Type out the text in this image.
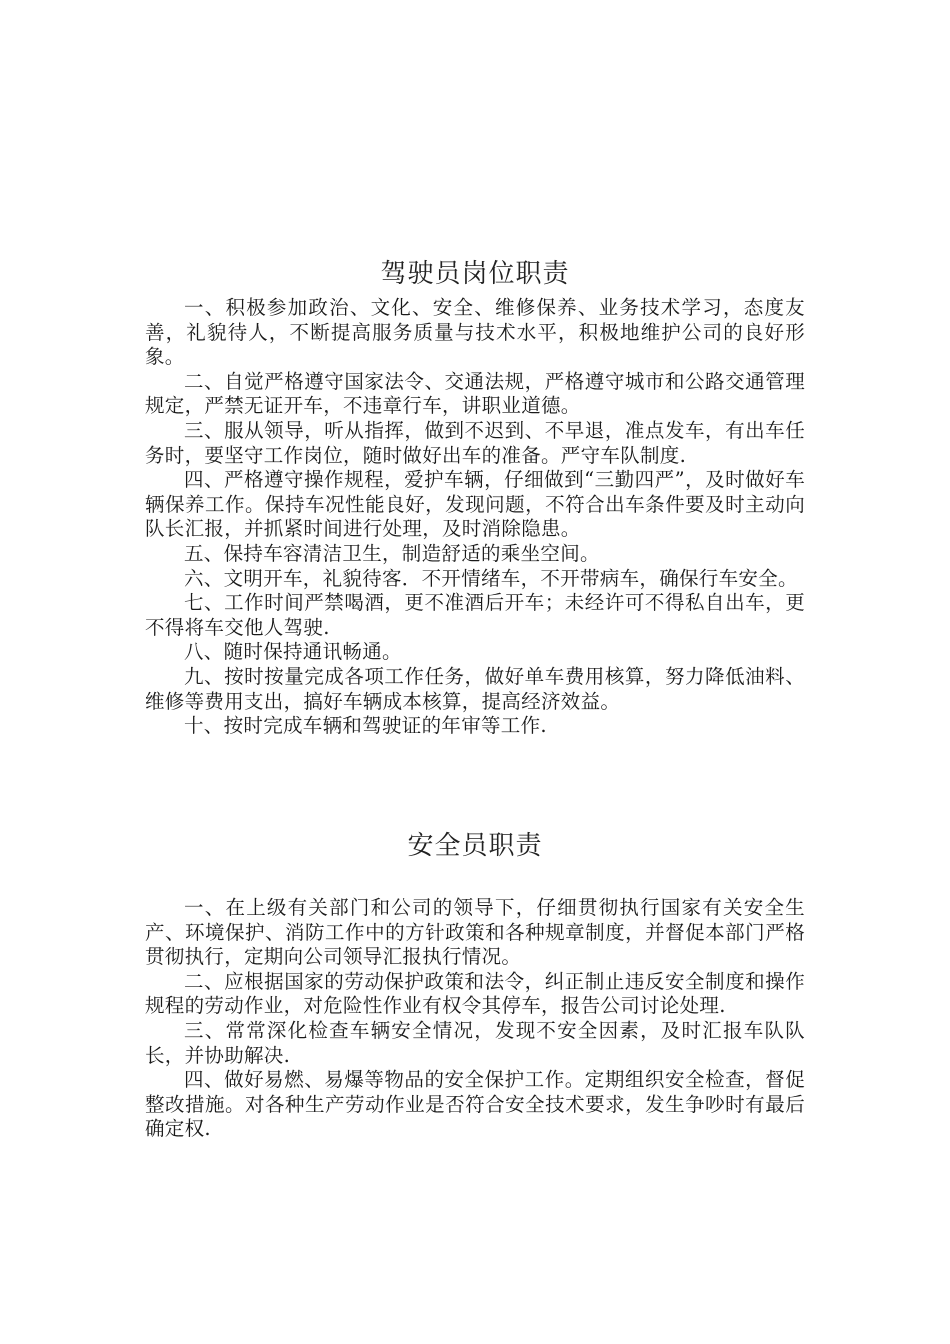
驾驶员岗位职责

一、积极参加政治、文化、安全、维修保养、业务技术学习，态度友善，礼貌待人，不断提高服务质量与技术水平，积极地维护公司的良好形象。

二、自觉严格遵守国家法令、交通法规，严格遵守城市和公路交通管理规定，严禁无证开车，不违章行车，讲职业道德。

三、服从领导，听从指挥，做到不迟到、不早退，准点发车，有出车任务时，要坚守工作岗位，随时做好出车的准备。严守车队制度.

四、严格遵守操作规程，爱护车辆，仔细做到“三勤四严”，及时做好车辆保养工作。保持车况性能良好，发现问题，不符合出车条件要及时主动向队长汇报，并抓紧时间进行处理，及时消除隐患。

五、保持车容清洁卫生，制造舒适的乘坐空间。

六、文明开车，礼貌待客．不开情绪车，不开带病车，确保行车安全。

七、工作时间严禁喝酒，更不准酒后开车；未经许可不得私自出车，更不得将车交他人驾驶.

八、随时保持通讯畅通。

九、按时按量完成各项工作任务，做好单车费用核算，努力降低油料、维修等费用支出，搞好车辆成本核算，提高经济效益。

十、按时完成车辆和驾驶证的年审等工作.

安全员职责

一、在上级有关部门和公司的领导下，仔细贯彻执行国家有关安全生产、环境保护、消防工作中的方针政策和各种规章制度，并督促本部门严格贯彻执行，定期向公司领导汇报执行情况。

二、应根据国家的劳动保护政策和法令，纠正制止违反安全制度和操作规程的劳动作业，对危险性作业有权令其停车，报告公司讨论处理.

三、常常深化检查车辆安全情况，发现不安全因素，及时汇报车队队长，并协助解决.

四、做好易燃、易爆等物品的安全保护工作。定期组织安全检查，督促整改措施。对各种生产劳动作业是否符合安全技术要求，发生争吵时有最后确定权.
